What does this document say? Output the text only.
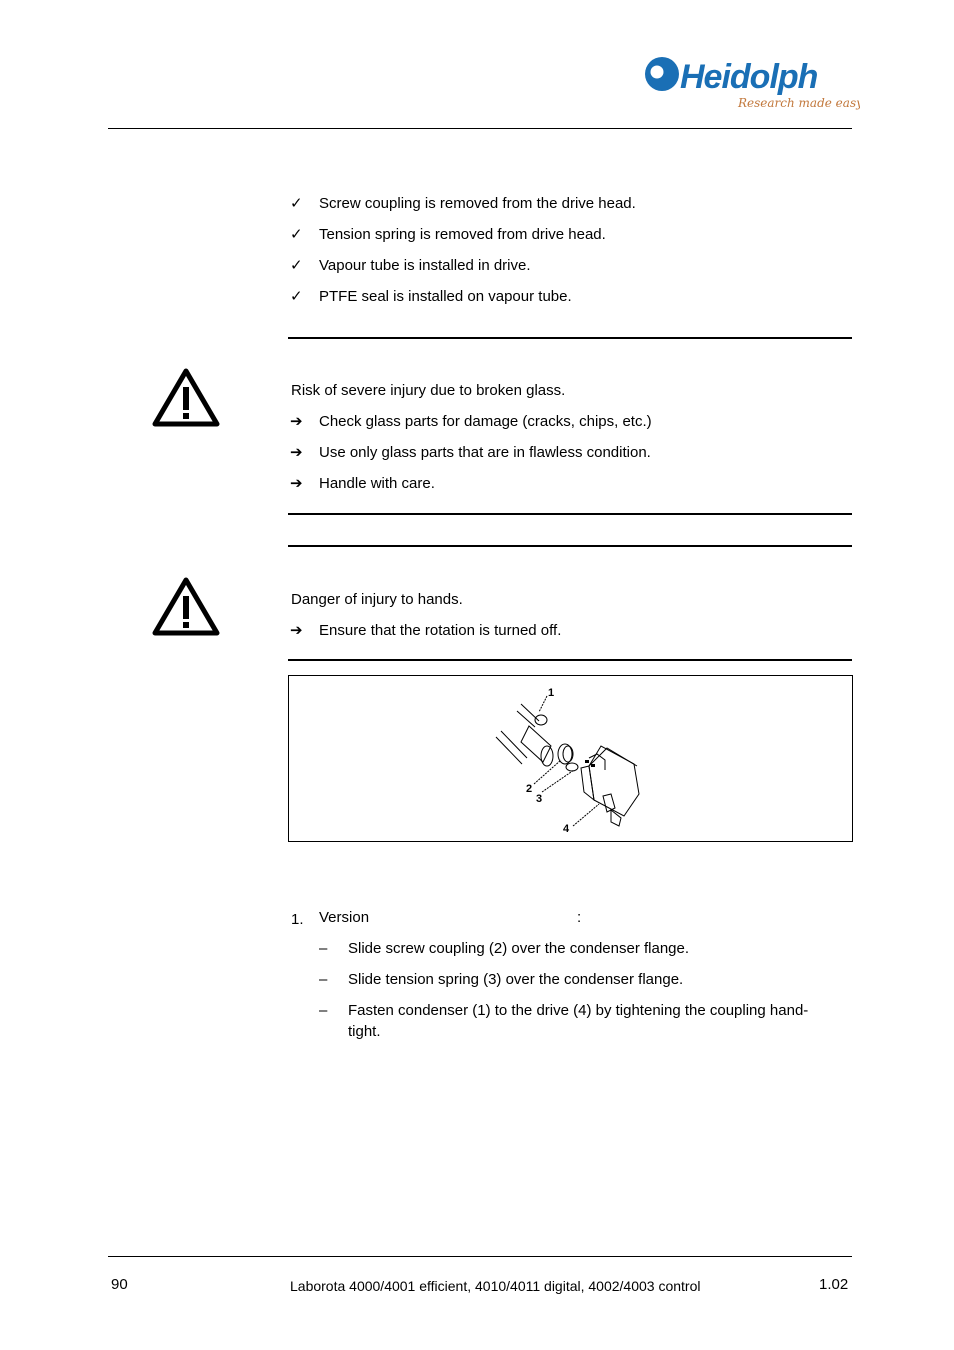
Heidolph
Research made easy
✓ Screw coupling is removed from the drive head.
✓ Tension spring is removed from drive head.
✓ Vapour tube is installed in drive.
✓ PTFE seal is installed on vapour tube.
Risk of severe injury due to broken glass.
➔ Check glass parts for damage (cracks, chips, etc.)
➔ Use only glass parts that are in flawless condition.
➔ Handle with care.
Danger of injury to hands.
➔ Ensure that the rotation is turned off.
1
2
3
4
1. Version	:
– Slide screw coupling (2) over the condenser flange.
– Slide tension spring (3) over the condenser flange.
– Fasten condenser (1) to the drive (4) by tightening the coupling hand-
tight.
90	Laborota 4000/4001 efficient, 4010/4011 digital, 4002/4003 control	1.02
